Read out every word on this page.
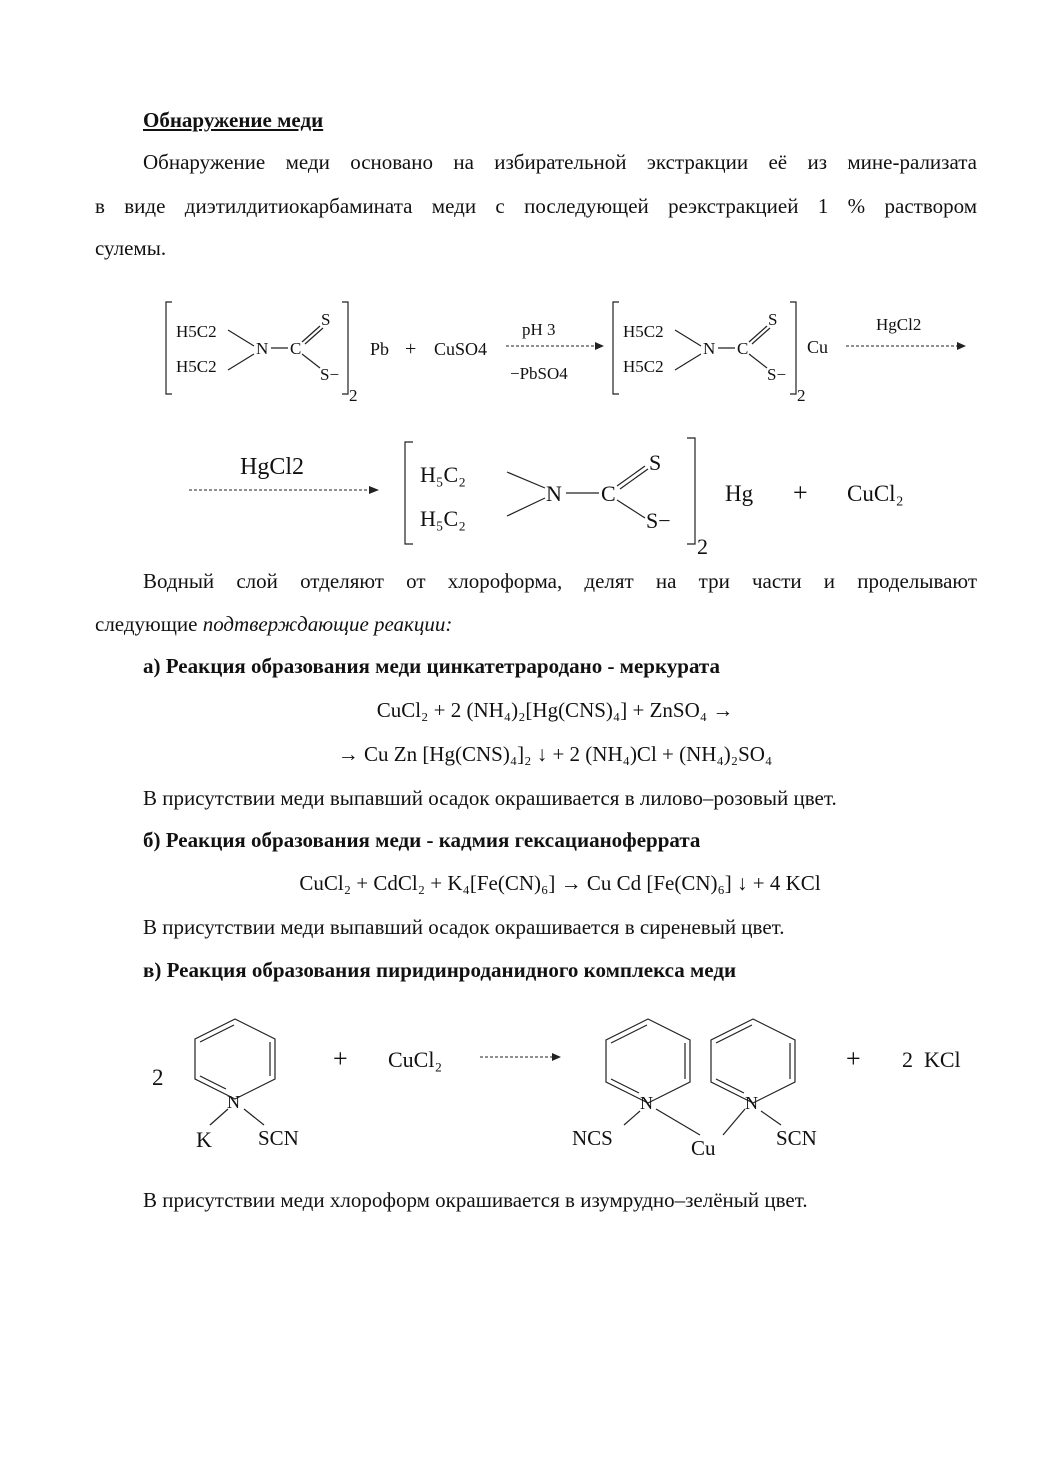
Обнаружение меди
Обнаружение меди основано на избирательной экстракции её из мине-рализата
в виде диэтилдитиокарбамината меди с последующей реэкстракцией 1 % раствором
сулемы.
H5C2
H5C2
N C
S
S−
2
Pb + CuSO4
pH 3
−PbSO4
H5C2
H5C2
N C
S
S−
2
Cu
HgCl2
HgCl2	H₅C₂
H₅C₂
N C
S
S−
2
Hg + CuCl₂
Водный слой отделяют от хлороформа, делят на три части и проделывают
следующие подтверждающие реакции:
а) Реакция образования меди цинкатетрародано - меркурата
CuCl₂ + 2 (NH₄)₂[Hg(CNS)₄] + ZnSO₄ →
→ Cu Zn [Hg(CNS)₄]₂ ↓ + 2 (NH₄)Cl + (NH₄)₂SO₄
В присутствии меди выпавший осадок окрашивается в лилово–розовый цвет.
б) Реакция образования меди - кадмия гексацианоферрата
CuCl₂ + CdCl₂ + K₄[Fe(CN)₆] → Cu Cd [Fe(CN)₆] ↓ + 4 KCl
В присутствии меди выпавший осадок окрашивается в сиреневый цвет.
в) Реакция образования пиридинроданидного комплекса меди
2
N
K SCN
+ CuCl₂
N
NCS	Cu
N
SCN
+ 2  KCl
В присутствии меди хлороформ окрашивается в изумрудно–зелёный цвет.
